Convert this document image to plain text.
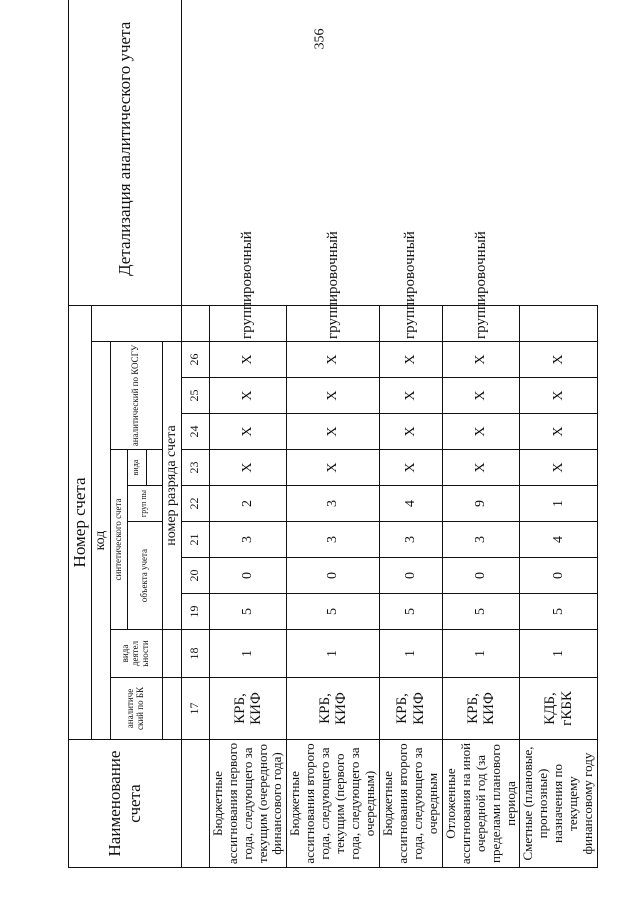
356
Наименование счета	Номер счета											Детализация аналитического учета
	код											
	аналитиче ский по БК	вида деятел ьности	синтетического счета					аналитический по КОСГУ				
			объекта учета			груп пы	вида					

			номер разряда счета									
	17	18	19	20	21	22	23	24	25	26		
Бюджетные ассигнования первого года, следующего за текущим (очередного финансового года)	КРБ, КИФ	1	5	0	3	2	X	X	X	X	группировочный	
Бюджетные ассигнования второго года, следующего за текущим (первого года, следующего за очередным)	КРБ, КИФ	1	5	0	3	3	X	X	X	X	группировочный	
Бюджетные ассигнования второго года, следующего за очередным	КРБ, КИФ	1	5	0	3	4	X	X	X	X	группировочный	
Отложенные ассигнования на иной очередной год (за пределами планового периода	КРБ, КИФ	1	5	0	3	9	X	X	X	X	группировочный	
Сметные (плановые, прогнозные) назначения по текущему финансовому году	КДБ, гКБК	1	5	0	4	1	X	X	X	X		
